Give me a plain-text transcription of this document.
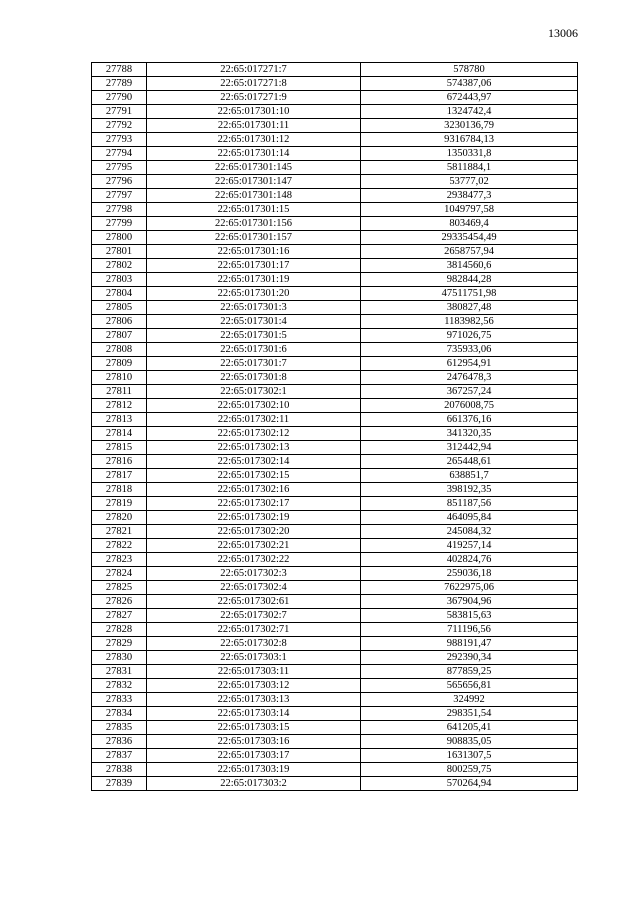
13006
27788	22:65:017271:7	578780
27789	22:65:017271:8	574387,06
27790	22:65:017271:9	672443,97
27791	22:65:017301:10	1324742,4
27792	22:65:017301:11	3230136,79
27793	22:65:017301:12	9316784,13
27794	22:65:017301:14	1350331,8
27795	22:65:017301:145	5811884,1
27796	22:65:017301:147	53777,02
27797	22:65:017301:148	2938477,3
27798	22:65:017301:15	1049797,58
27799	22:65:017301:156	803469,4
27800	22:65:017301:157	29335454,49
27801	22:65:017301:16	2658757,94
27802	22:65:017301:17	3814560,6
27803	22:65:017301:19	982844,28
27804	22:65:017301:20	47511751,98
27805	22:65:017301:3	380827,48
27806	22:65:017301:4	1183982,56
27807	22:65:017301:5	971026,75
27808	22:65:017301:6	735933,06
27809	22:65:017301:7	612954,91
27810	22:65:017301:8	2476478,3
27811	22:65:017302:1	367257,24
27812	22:65:017302:10	2076008,75
27813	22:65:017302:11	661376,16
27814	22:65:017302:12	341320,35
27815	22:65:017302:13	312442,94
27816	22:65:017302:14	265448,61
27817	22:65:017302:15	638851,7
27818	22:65:017302:16	398192,35
27819	22:65:017302:17	851187,56
27820	22:65:017302:19	464095,84
27821	22:65:017302:20	245084,32
27822	22:65:017302:21	419257,14
27823	22:65:017302:22	402824,76
27824	22:65:017302:3	259036,18
27825	22:65:017302:4	7622975,06
27826	22:65:017302:61	367904,96
27827	22:65:017302:7	583815,63
27828	22:65:017302:71	711196,56
27829	22:65:017302:8	988191,47
27830	22:65:017303:1	292390,34
27831	22:65:017303:11	877859,25
27832	22:65:017303:12	565656,81
27833	22:65:017303:13	324992
27834	22:65:017303:14	298351,54
27835	22:65:017303:15	641205,41
27836	22:65:017303:16	908835,05
27837	22:65:017303:17	1631307,5
27838	22:65:017303:19	800259,75
27839	22:65:017303:2	570264,94
